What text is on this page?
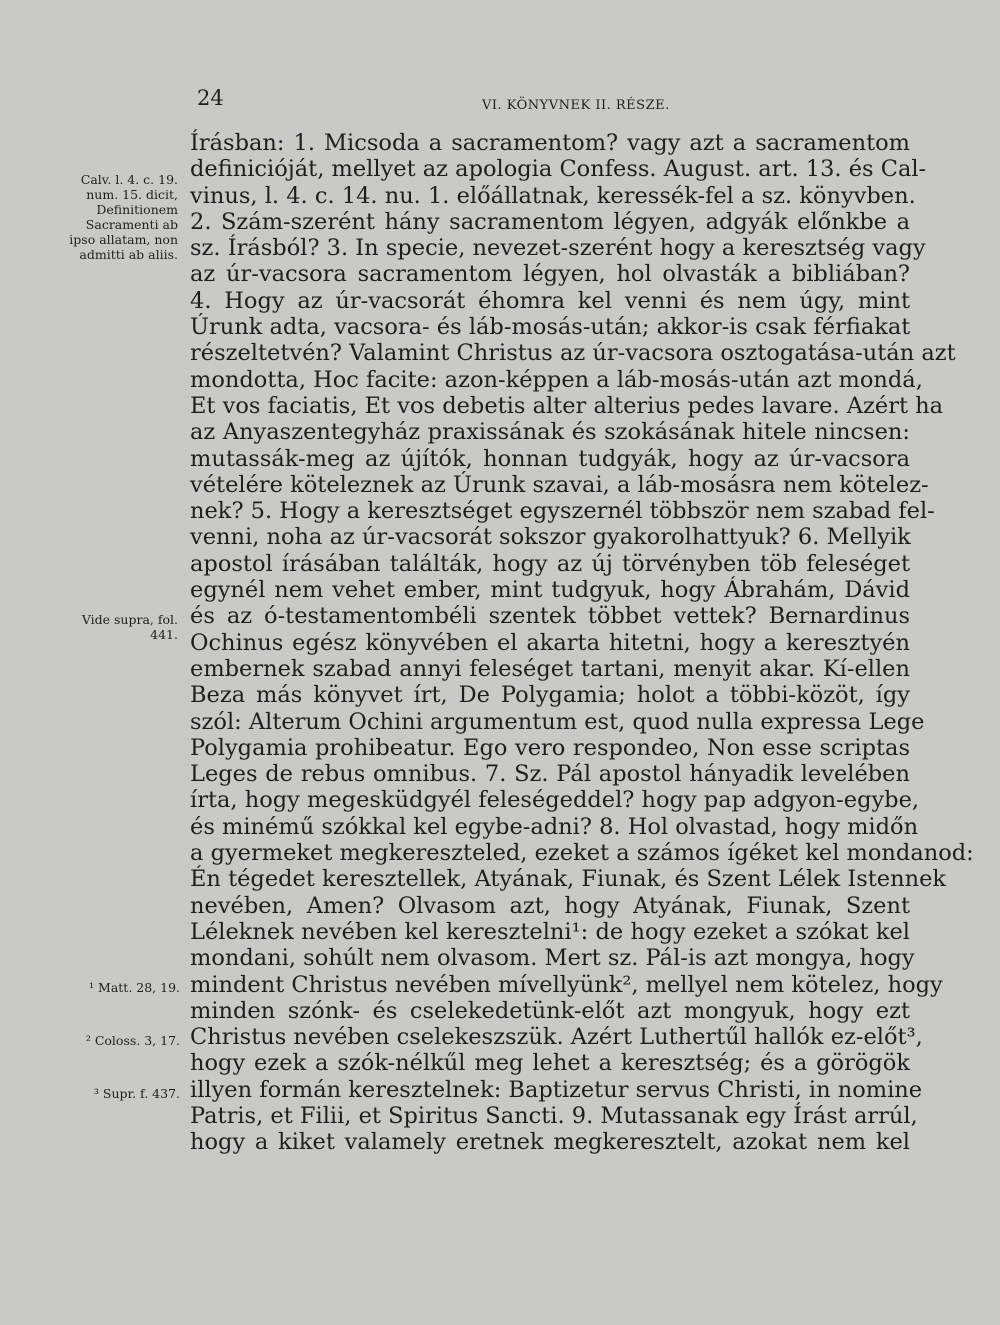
24	VI. KÖNYVNEK II. RÉSZE.
Calv. l. 4. c. 19. num. 15. dicit, Definitionem Sacramenti ab ipso allatam, non admitti ab aliis.
Vide supra, fol. 441.
¹ Matt. 28, 19.
² Coloss. 3, 17.
³ Supr. f. 437.
Írásban: 1. Micsoda a sacramentom? vagy azt a sacramentom
definicióját, mellyet az apologia Confess. August. art. 13. és Cal-
vinus, l. 4. c. 14. nu. 1. előállatnak, keressék-fel a sz. könyvben.
2. Szám-szerént hány sacramentom légyen, adgyák előnkbe a
sz. Írásból? 3. In specie, nevezet-szerént hogy a keresztség vagy
az úr-vacsora sacramentom légyen, hol olvasták a bibliában?
4. Hogy az úr-vacsorát éhomra kel venni és nem úgy, mint
Úrunk adta, vacsora- és láb-mosás-után; akkor-is csak férfiakat
részeltetvén? Valamint Christus az úr-vacsora osztogatása-után azt
mondotta, Hoc facite: azon-képpen a láb-mosás-után azt mondá,
Et vos faciatis, Et vos debetis alter alterius pedes lavare. Azért ha
az Anyaszentegyház praxissának és szokásának hitele nincsen:
mutassák-meg az újítók, honnan tudgyák, hogy az úr-vacsora
vételére köteleznek az Úrunk szavai, a láb-mosásra nem kötelez-
nek? 5. Hogy a keresztséget egyszernél többször nem szabad fel-
venni, noha az úr-vacsorát sokszor gyakorolhattyuk? 6. Mellyik
apostol írásában találták, hogy az új törvényben töb feleséget
egynél nem vehet ember, mint tudgyuk, hogy Ábrahám, Dávid
és az ó-testamentombéli szentek többet vettek? Bernardinus
Ochinus egész könyvében el akarta hitetni, hogy a keresztyén
embernek szabad annyi feleséget tartani, menyit akar. Kí-ellen
Beza más könyvet írt, De Polygamia; holot a többi-közöt, így
szól: Alterum Ochini argumentum est, quod nulla expressa Lege
Polygamia prohibeatur. Ego vero respondeo, Non esse scriptas
Leges de rebus omnibus. 7. Sz. Pál apostol hányadik levelében
írta, hogy megesküdgyél feleségeddel? hogy pap adgyon-egybe,
és minémű szókkal kel egybe-adni? 8. Hol olvastad, hogy midőn
a gyermeket megkereszteled, ezeket a számos ígéket kel mondanod:
Én tégedet keresztellek, Atyának, Fiunak, és Szent Lélek Istennek
nevében, Amen? Olvasom azt, hogy Atyának, Fiunak, Szent
Léleknek nevében kel keresztelni¹: de hogy ezeket a szókat kel
mondani, sohúlt nem olvasom. Mert sz. Pál-is azt mongya, hogy
mindent Christus nevében mívellyünk², mellyel nem kötelez, hogy
minden szónk- és cselekedetünk-előt azt mongyuk, hogy ezt
Christus nevében cselekeszszük. Azért Luthertűl hallók ez-előt³,
hogy ezek a szók-nélkűl meg lehet a keresztség; és a görögök
illyen formán keresztelnek: Baptizetur servus Christi, in nomine
Patris, et Filii, et Spiritus Sancti. 9. Mutassanak egy Írást arrúl,
hogy a kiket valamely eretnek megkeresztelt, azokat nem kel
